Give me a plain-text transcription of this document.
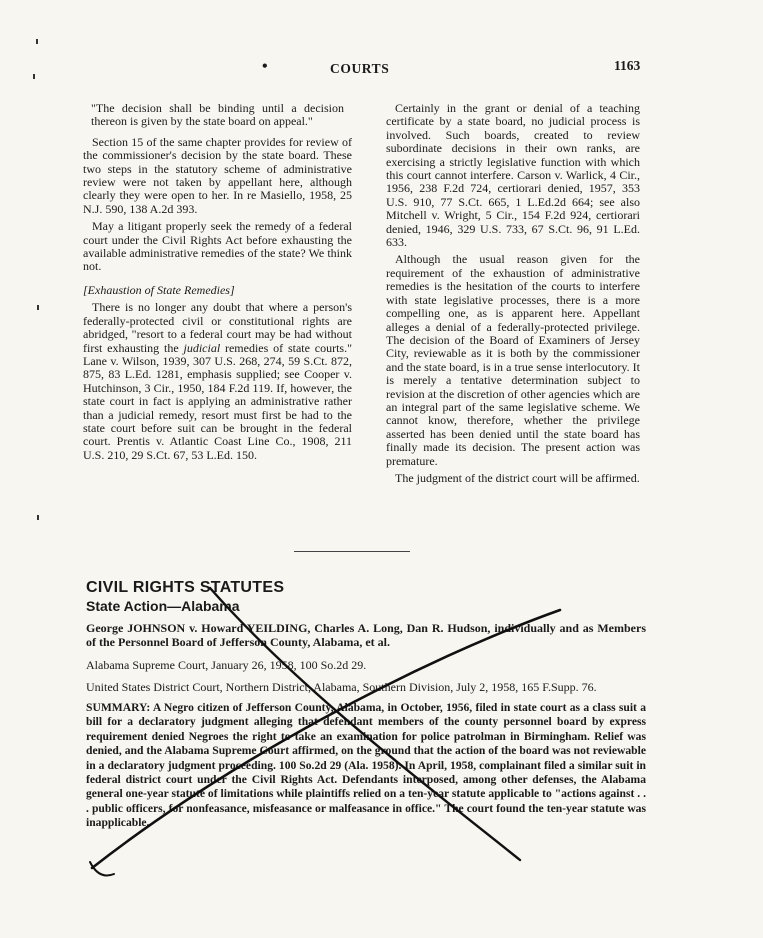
•	COURTS	1163

"The decision shall be binding until a decision thereon is given by the state board on appeal."

Section 15 of the same chapter provides for review of the commissioner's decision by the state board. These two steps in the statutory scheme of administrative review were not taken by appellant here, although clearly they were open to her. In re Masiello, 1958, 25 N.J. 590, 138 A.2d 393.

May a litigant properly seek the remedy of a federal court under the Civil Rights Act before exhausting the available administrative remedies of the state? We think not.

[Exhaustion of State Remedies]

There is no longer any doubt that where a person's federally-protected civil or constitutional rights are abridged, "resort to a federal court may be had without first exhausting the judicial remedies of state courts." Lane v. Wilson, 1939, 307 U.S. 268, 274, 59 S.Ct. 872, 875, 83 L.Ed. 1281, emphasis supplied; see Cooper v. Hutchinson, 3 Cir., 1950, 184 F.2d 119. If, however, the state court in fact is applying an administrative rather than a judicial remedy, resort must first be had to the state court before suit can be brought in the federal court. Prentis v. Atlantic Coast Line Co., 1908, 211 U.S. 210, 29 S.Ct. 67, 53 L.Ed. 150.

Certainly in the grant or denial of a teaching certificate by a state board, no judicial process is involved. Such boards, created to review subordinate decisions in their own ranks, are exercising a strictly legislative function with which this court cannot interfere. Carson v. Warlick, 4 Cir., 1956, 238 F.2d 724, certiorari denied, 1957, 353 U.S. 910, 77 S.Ct. 665, 1 L.Ed.2d 664; see also Mitchell v. Wright, 5 Cir., 154 F.2d 924, certiorari denied, 1946, 329 U.S. 733, 67 S.Ct. 96, 91 L.Ed. 633.

Although the usual reason given for the requirement of the exhaustion of administrative remedies is the hesitation of the courts to interfere with state legislative processes, there is a more compelling one, as is apparent here. Appellant alleges a denial of a federally-protected privilege. The decision of the Board of Examiners of Jersey City, reviewable as it is both by the commissioner and the state board, is in a true sense interlocutory. It is merely a tentative determination subject to revision at the discretion of other agencies which are an integral part of the same legislative scheme. We cannot know, therefore, whether the privilege asserted has been denied until the state board has finally made its decision. The present action was premature.

The judgment of the district court will be affirmed.

CIVIL RIGHTS STATUTES

State Action—Alabama

George JOHNSON v. Howard YEILDING, Charles A. Long, Dan R. Hudson, individually and as Members of the Personnel Board of Jefferson County, Alabama, et al.

Alabama Supreme Court, January 26, 1958, 100 So.2d 29.

United States District Court, Northern District, Alabama, Southern Division, July 2, 1958, 165 F.Supp. 76.

SUMMARY: A Negro citizen of Jefferson County, Alabama, in October, 1956, filed in state court as a class suit a bill for a declaratory judgment alleging that defendant members of the county personnel board by express requirement denied Negroes the right to take an examination for police patrolman in Birmingham. Relief was denied, and the Alabama Supreme Court affirmed, on the ground that the action of the board was not reviewable in a declaratory judgment proceeding. 100 So.2d 29 (Ala. 1958). In April, 1958, complainant filed a similar suit in federal district court under the Civil Rights Act. Defendants interposed, among other defenses, the Alabama general one-year statute of limitations while plaintiffs relied on a ten-year statute applicable to "actions against . . . public officers, for nonfeasance, misfeasance or malfeasance in office." The court found the ten-year statute was inapplicable.
